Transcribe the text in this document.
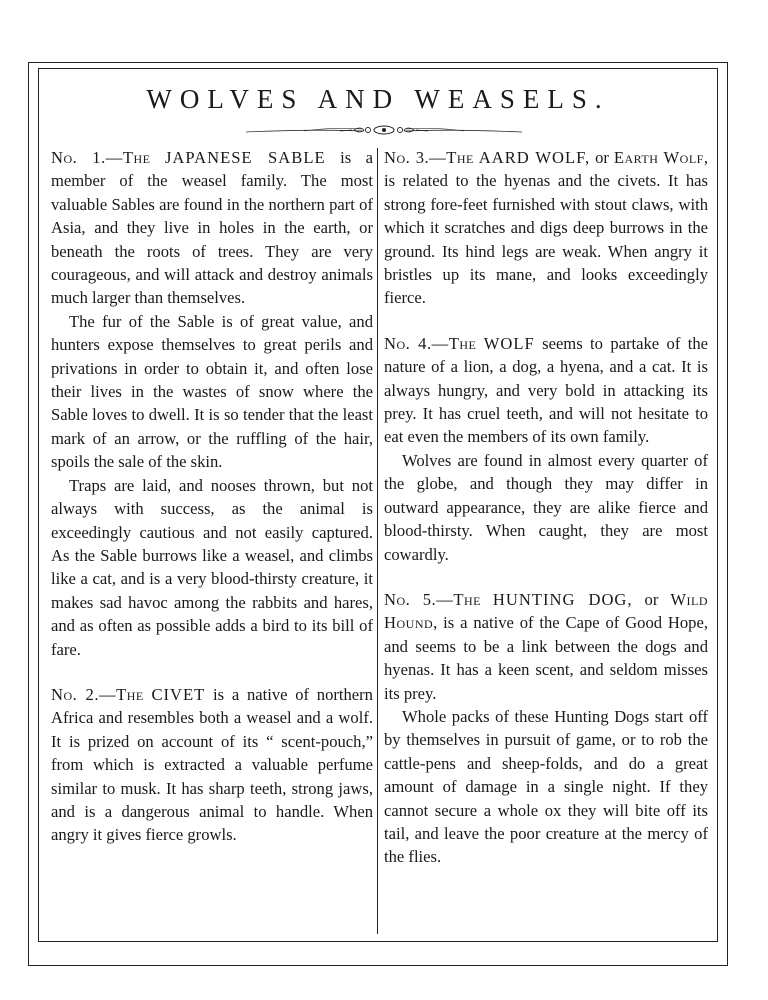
WOLVES AND WEASELS.

No. 1.—The JAPANESE SABLE is a member of the weasel family. The most valuable Sables are found in the northern part of Asia, and they live in holes in the earth, or beneath the roots of trees. They are very courageous, and will attack and destroy animals much larger than themselves.

The fur of the Sable is of great value, and hunters expose themselves to great perils and privations in order to obtain it, and often lose their lives in the wastes of snow where the Sable loves to dwell. It is so tender that the least mark of an arrow, or the ruffling of the hair, spoils the sale of the skin.

Traps are laid, and nooses thrown, but not always with success, as the animal is exceedingly cautious and not easily captured. As the Sable burrows like a weasel, and climbs like a cat, and is a very blood-thirsty creature, it makes sad havoc among the rabbits and hares, and as often as possible adds a bird to its bill of fare.

No. 2.—The CIVET is a native of northern Africa and resembles both a weasel and a wolf. It is prized on account of its “ scent-pouch,” from which is extracted a valuable perfume similar to musk. It has sharp teeth, strong jaws, and is a dangerous animal to handle. When angry it gives fierce growls.

No. 3.—The AARD WOLF, or Earth Wolf, is related to the hyenas and the civets. It has strong fore-feet furnished with stout claws, with which it scratches and digs deep burrows in the ground. Its hind legs are weak. When angry it bristles up its mane, and looks exceedingly fierce.

No. 4.—The WOLF seems to partake of the nature of a lion, a dog, a hyena, and a cat. It is always hungry, and very bold in attacking its prey. It has cruel teeth, and will not hesitate to eat even the members of its own family.

Wolves are found in almost every quarter of the globe, and though they may differ in outward appearance, they are alike fierce and blood-thirsty. When caught, they are most cowardly.

No. 5.—The HUNTING DOG, or Wild Hound, is a native of the Cape of Good Hope, and seems to be a link between the dogs and hyenas. It has a keen scent, and seldom misses its prey.

Whole packs of these Hunting Dogs start off by themselves in pursuit of game, or to rob the cattle-pens and sheep-folds, and do a great amount of damage in a single night. If they cannot secure a whole ox they will bite off its tail, and leave the poor creature at the mercy of the flies.
